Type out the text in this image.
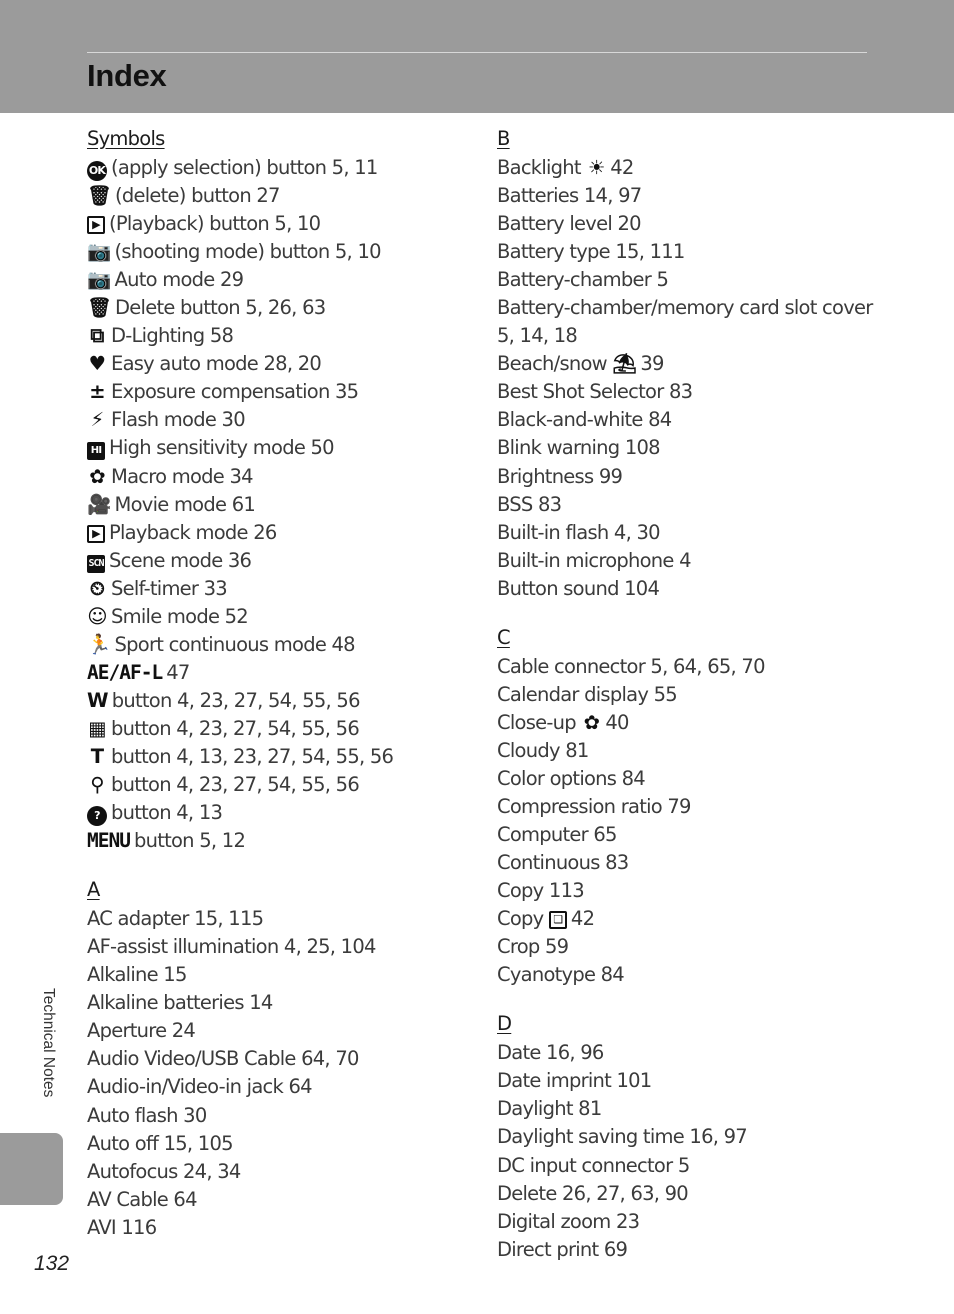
Index
Symbols
OK (apply selection) button 5, 11
🗑 (delete) button 27
▶ (Playback) button 5, 10
📷 (shooting mode) button 5, 10
📷 Auto mode 29
🗑 Delete button 5, 26, 63
⧉ D-Lighting 58
♥ Easy auto mode 28, 20
± Exposure compensation 35
⚡ Flash mode 30
HI High sensitivity mode 50
✿ Macro mode 34
🎥 Movie mode 61
▶ Playback mode 26
SCN Scene mode 36
⏲ Self-timer 33
☺ Smile mode 52
🏃 Sport continuous mode 48
AE/AF-L 47
W button 4, 23, 27, 54, 55, 56
▦ button 4, 23, 27, 54, 55, 56
T button 4, 13, 23, 27, 54, 55, 56
⚲ button 4, 23, 27, 54, 55, 56
? button 4, 13
MENU button 5, 12
A
AC adapter 15, 115
AF-assist illumination 4, 25, 104
Alkaline 15
Alkaline batteries 14
Aperture 24
Audio Video/USB Cable 64, 70
Audio-in/Video-in jack 64
Auto flash 30
Auto off 15, 105
Autofocus 24, 34
AV Cable 64
AVI 116
B
Backlight ☀ 42
Batteries 14, 97
Battery level 20
Battery type 15, 111
Battery-chamber 5
Battery-chamber/memory card slot cover
5, 14, 18
Beach/snow ⛱ 39
Best Shot Selector 83
Black-and-white 84
Blink warning 108
Brightness 99
BSS 83
Built-in flash 4, 30
Built-in microphone 4
Button sound 104
C
Cable connector 5, 64, 65, 70
Calendar display 55
Close-up ✿ 40
Cloudy 81
Color options 84
Compression ratio 79
Computer 65
Continuous 83
Copy 113
Copy ❏ 42
Crop 59
Cyanotype 84
D
Date 16, 96
Date imprint 101
Daylight 81
Daylight saving time 16, 97
DC input connector 5
Delete 26, 27, 63, 90
Digital zoom 23
Direct print 69
Technical Notes
132
